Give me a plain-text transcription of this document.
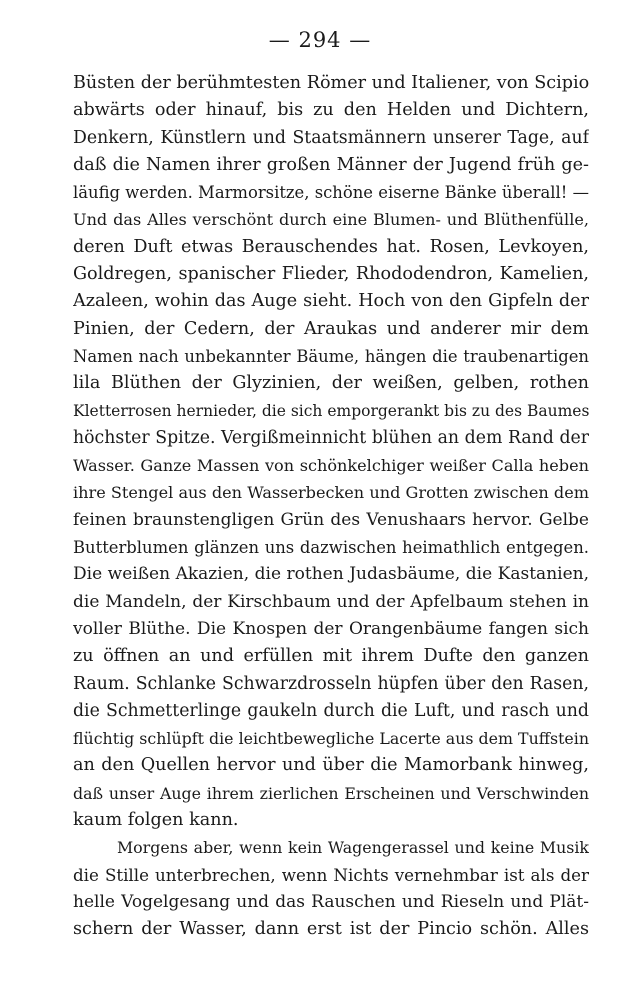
— 294 —
Büsten der berühmtesten Römer und Italiener, von Scipio
abwärts oder hinauf, bis zu den Helden und Dichtern,
Denkern, Künstlern und Staatsmännern unserer Tage, auf
daß die Namen ihrer großen Männer der Jugend früh ge-
läufig werden. Marmorsitze, schöne eiserne Bänke überall! —
Und das Alles verschönt durch eine Blumen- und Blüthenfülle,
deren Duft etwas Berauschendes hat. Rosen, Levkoyen,
Goldregen, spanischer Flieder, Rhododendron, Kamelien,
Azaleen, wohin das Auge sieht. Hoch von den Gipfeln der
Pinien, der Cedern, der Araukas und anderer mir dem
Namen nach unbekannter Bäume, hängen die traubenartigen
lila Blüthen der Glyzinien, der weißen, gelben, rothen
Kletterrosen hernieder, die sich emporgerankt bis zu des Baumes
höchster Spitze. Vergißmeinnicht blühen an dem Rand der
Wasser. Ganze Massen von schönkelchiger weißer Calla heben
ihre Stengel aus den Wasserbecken und Grotten zwischen dem
feinen braunstengligen Grün des Venushaars hervor. Gelbe
Butterblumen glänzen uns dazwischen heimathlich entgegen.
Die weißen Akazien, die rothen Judasbäume, die Kastanien,
die Mandeln, der Kirschbaum und der Apfelbaum stehen in
voller Blüthe. Die Knospen der Orangenbäume fangen sich
zu öffnen an und erfüllen mit ihrem Dufte den ganzen
Raum. Schlanke Schwarzdrosseln hüpfen über den Rasen,
die Schmetterlinge gaukeln durch die Luft, und rasch und
flüchtig schlüpft die leichtbewegliche Lacerte aus dem Tuffstein
an den Quellen hervor und über die Mamorbank hinweg,
daß unser Auge ihrem zierlichen Erscheinen und Verschwinden
kaum folgen kann.
Morgens aber, wenn kein Wagengerassel und keine Musik
die Stille unterbrechen, wenn Nichts vernehmbar ist als der
helle Vogelgesang und das Rauschen und Rieseln und Plät-
schern der Wasser, dann erst ist der Pincio schön. Alles
